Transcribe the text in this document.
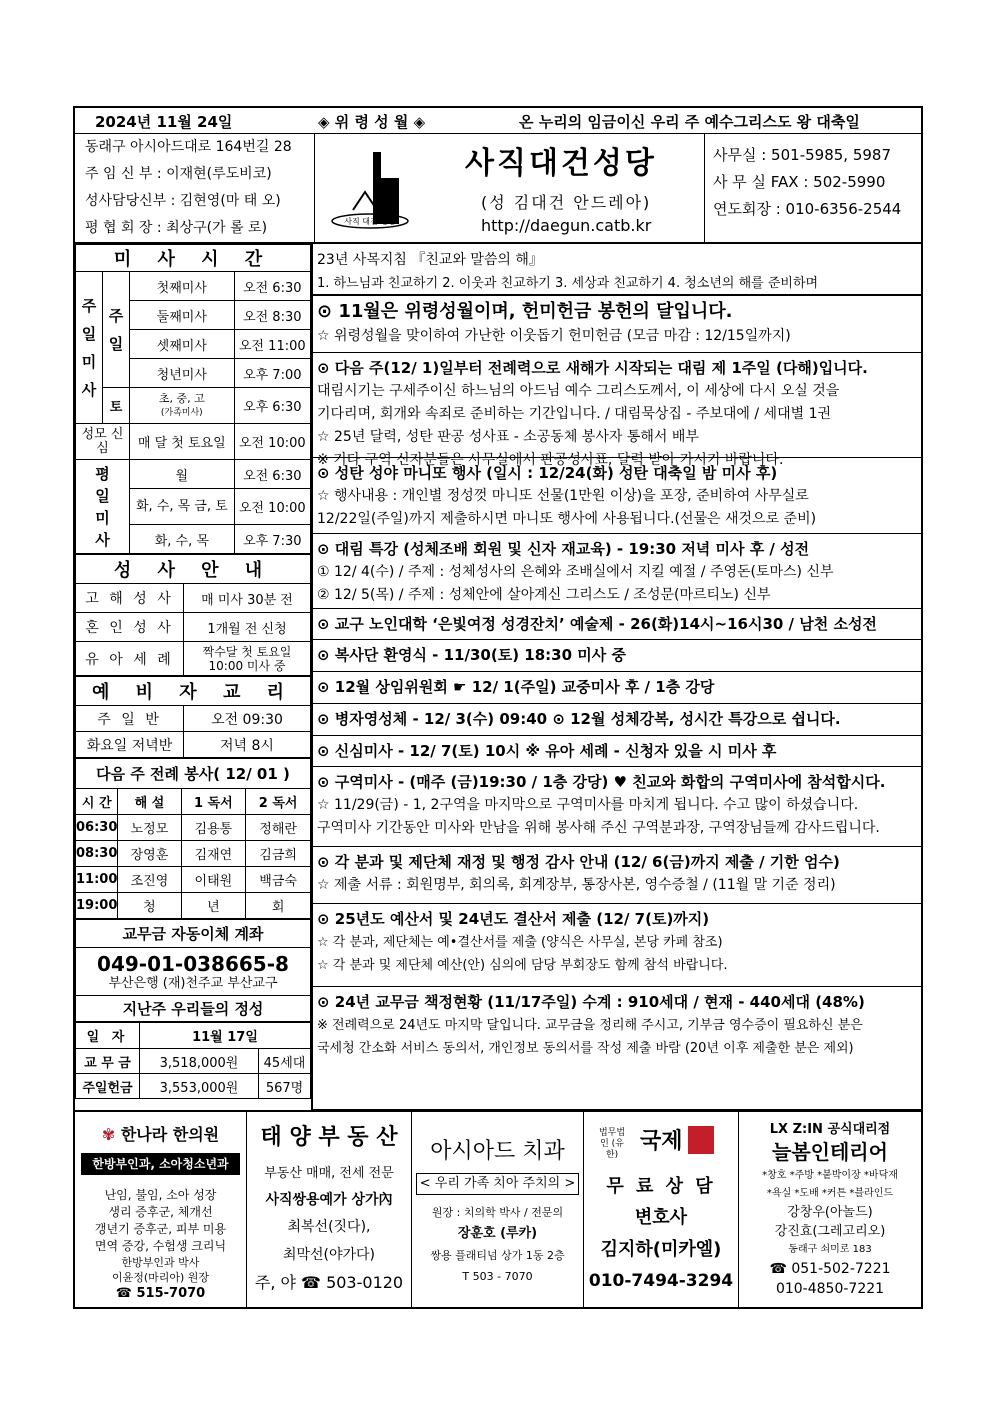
2024년 11월 24일	◈ 위 령 성 월 ◈	온 누리의 임금이신 우리 주 예수그리스도 왕 대축일
동래구 아시아드대로 164번길 28
주 임 신 부 : 이재현(루도비코)
성사담당신부 : 김현영(마 태 오)
평 협 회 장 : 최상구(가 롤 로)	사직 대건 성당
사직대건성당
(성 김대건 안드레아)
http://daegun.catb.kr
사무실 : 501-5985, 5987
사 무 실 FAX : 502-5990
연도회장 : 010-6356-2544
미 사 시 간			
주
일
미
사	주
일	첫째미사	오전 6:30
		둘째미사	오전 8:30
		셋째미사	오전 11:00
		청년미사	오후 7:00
	토	초, 중, 고
(가족미사)	오후 6:30
성모 신심		매 달 첫 토요일	오전 10:00
평
일
미
사		월	오전 6:30
		화, 수, 목 금, 토	오전 10:00
		화, 수, 목	오후 7:30
성 사 안 내	
고 해 성 사	매 미사 30분 전
혼 인 성 사	1개월 전 신청
유 아 세 례	짝수달 첫 토요일 10:00 미사 중
예 비 자 교 리	
주 일 반	오전 09:30
화요일 저녁반	저녁 8시
다음 주 전례 봉사( 12/ 01 )			
시 간	해 설	1 독서	2 독서
06:30	노정모	김용통	정해란
08:30	장영훈	김재연	김금희
11:00	조진영	이태원	백금숙
19:00	청	년	회
교무금 자동이체 계좌

049-01-038665-8
부산은행 (재)천주교 부산교구

지난주 우리들의 정성
일 자	11월 17일	
교 무 금	3,518,000원	45세대
주일헌금	3,553,000원	567명
23년 사목지침 『친교와 말씀의 해』
1. 하느님과 친교하기 2. 이웃과 친교하기 3. 세상과 친교하기 4. 청소년의 해를 준비하며
⊙ 11월은 위령성월이며, 헌미헌금 봉헌의 달입니다.
☆ 위령성월을 맞이하여 가난한 이웃돕기 헌미헌금 (모금 마감 : 12/15일까지)
⊙ 다음 주(12/ 1)일부터 전례력으로 새해가 시작되는 대림 제 1주일 (다해)입니다.
대림시기는 구세주이신 하느님의 아드님 예수 그리스도께서, 이 세상에 다시 오실 것을
기다리며, 회개와 속죄로 준비하는 기간입니다. / 대림묵상집 - 주보대에 / 세대별 1권
☆ 25년 달력, 성탄 판공 성사표 - 소공동체 봉사자 통해서 배부
※ 기타 구역 신자분들은 사무실에서 판공성사표, 달력 받아 가시기 바랍니다.
⊙ 성탄 성야 마니또 행사 (일시 : 12/24(화) 성탄 대축일 밤 미사 후)
☆ 행사내용 : 개인별 정성껏 마니또 선물(1만원 이상)을 포장, 준비하여 사무실로
12/22일(주일)까지 제출하시면 마니또 행사에 사용됩니다.(선물은 새것으로 준비)
⊙ 대림 특강 (성체조배 회원 및 신자 재교육) - 19:30 저녁 미사 후 / 성전
① 12/ 4(수) / 주제 : 성체성사의 은혜와 조배실에서 지킬 예절 / 주영돈(토마스) 신부
② 12/ 5(목) / 주제 : 성체안에 살아계신 그리스도 / 조성문(마르티노) 신부
⊙ 교구 노인대학 ‘은빛여정 성경잔치’ 예술제 - 26(화)14시~16시30 / 남천 소성전
⊙ 복사단 환영식 - 11/30(토) 18:30 미사 중
⊙ 12월 상임위원회 ☛ 12/ 1(주일) 교중미사 후 / 1층 강당
⊙ 병자영성체 - 12/ 3(수) 09:40 ⊙ 12월 성체강복, 성시간 특강으로 쉽니다.
⊙ 신심미사 - 12/ 7(토) 10시 ※ 유아 세례 - 신청자 있을 시 미사 후
⊙ 구역미사 - (매주 (금)19:30 / 1층 강당) ♥ 친교와 화합의 구역미사에 참석합시다.
☆ 11/29(금) - 1, 2구역을 마지막으로 구역미사를 마치게 됩니다. 수고 많이 하셨습니다.
구역미사 기간동안 미사와 만남을 위해 봉사해 주신 구역분과장, 구역장님들께 감사드립니다.
⊙ 각 분과 및 제단체 재정 및 행정 감사 안내 (12/ 6(금)까지 제출 / 기한 엄수)
☆ 제출 서류 : 회원명부, 회의록, 회계장부, 통장사본, 영수증철 / (11월 말 기준 정리)
⊙ 25년도 예산서 및 24년도 결산서 제출 (12/ 7(토)까지)
☆ 각 분과, 제단체는 예•결산서를 제출 (양식은 사무실, 본당 카페 참조)
☆ 각 분과 및 제단체 예산(안) 심의에 담당 부회장도 함께 참석 바랍니다.
⊙ 24년 교무금 책정현황 (11/17주일) 수계 : 910세대 / 현재 - 440세대 (48%)
※ 전례력으로 24년도 마지막 달입니다. 교무금을 정리해 주시고, 기부금 영수증이 필요하신 분은
국세청 간소화 서비스 동의서, 개인정보 동의서를 작성 제출 바람 (20년 이후 제출한 분은 제외)
✾ 한나라 한의원
한방부인과, 소아청소년과
난임, 불임, 소아 성장
생리 증후군, 체개선
갱년기 증후군, 피부 미용
면역 증강, 수험생 크리닉
한방부인과 박사
이윤정(마리아) 원장
☎ 515-7070
태 양 부 동 산
부동산 매매, 전세 전문
사직쌍용예가 상가內
최복선(짓다),
최막선(야가다)
주, 야 ☎ 503-0120
아시아드 치과
< 우리 가족 치아 주치의 >
원장 : 치의학 박사 / 전문의
장훈호 (루카)
쌍용 플래티넘 상가 1동 2층
T 503 - 7070
법무법인 (유한)
국제
무 료 상 담
변호사
김지하(미카엘)
010-7494-3294
LX Z:IN 공식대리점
늘봄인테리어
*창호 *주방 *붙박이장 *바닥재
*욕실 *도배 *커튼 *블라인드
강창우(아놀드)
강진효(그레고리오)
동래구 쇠미로 183
☎ 051-502-7221
010-4850-7221
